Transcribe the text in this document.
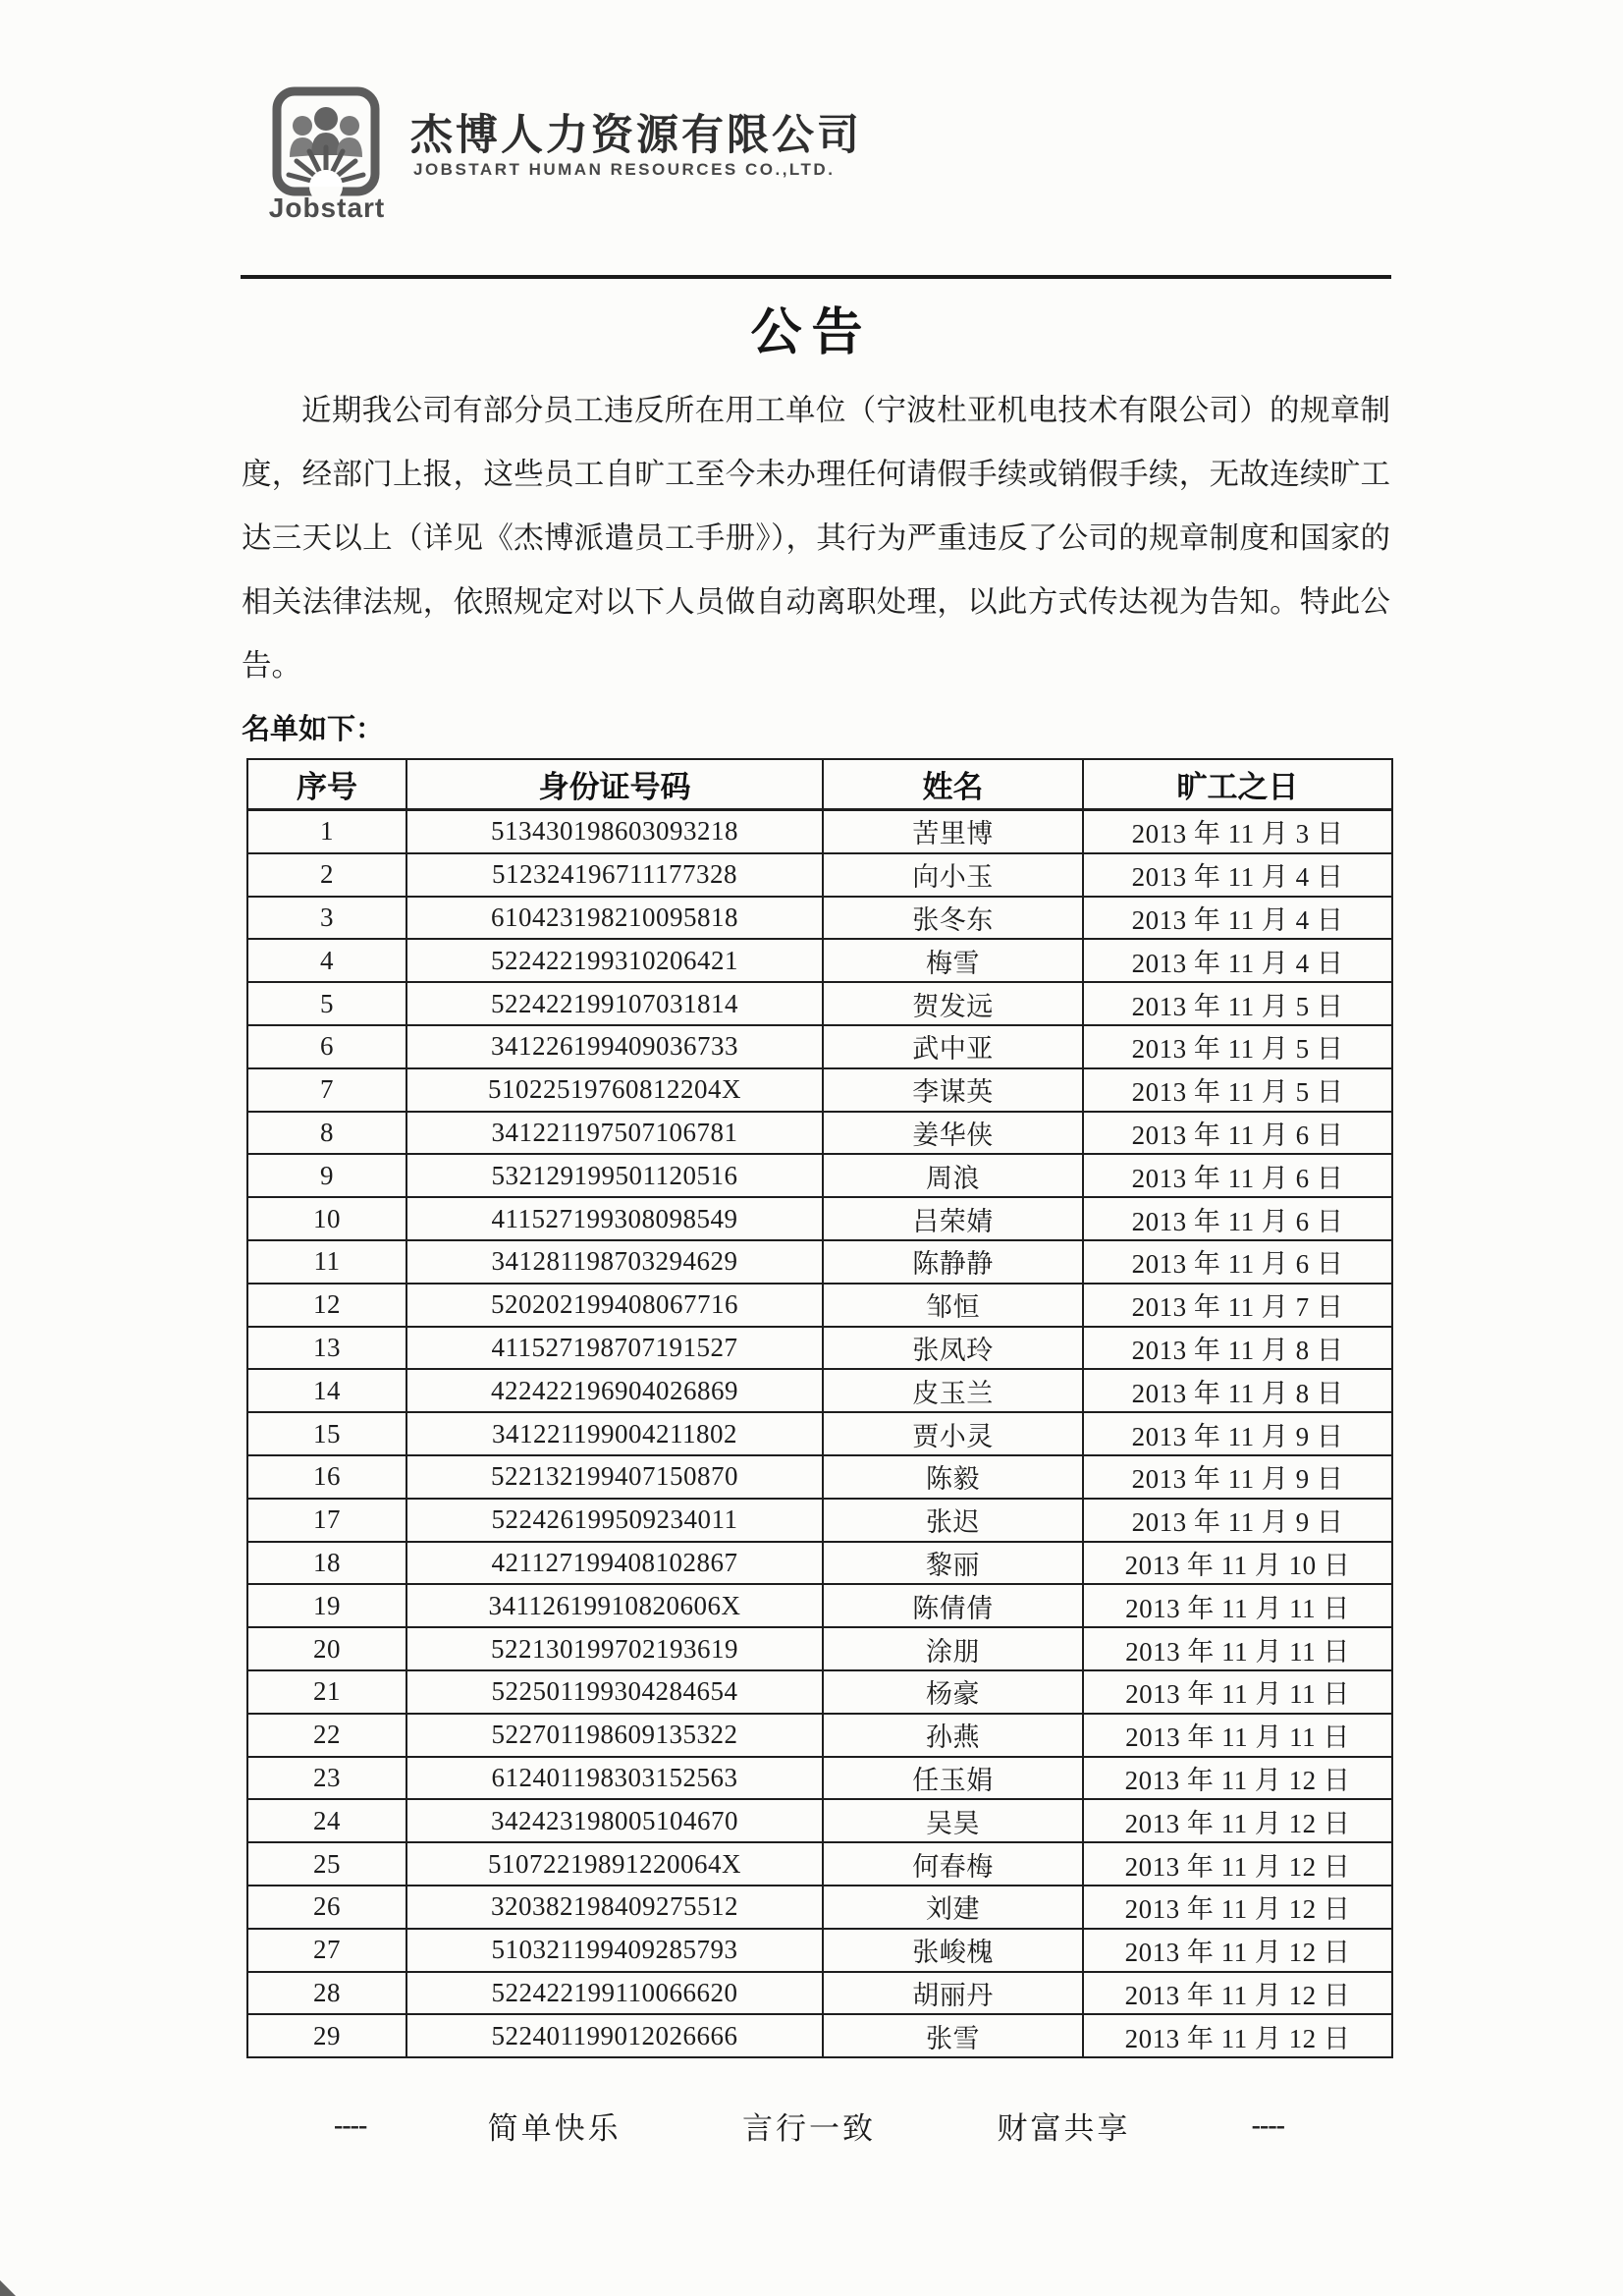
Jobstart
杰博人力资源有限公司
JOBSTART HUMAN RESOURCES CO.,LTD.
公告

近期我公司有部分员工违反所在用工单位（宁波杜亚机电技术有限公司）的规章制度，经部门上报，这些员工自旷工至今未办理任何请假手续或销假手续，无故连续旷工达三天以上（详见《杰博派遣员工手册》），其行为严重违反了公司的规章制度和国家的相关法律法规，依照规定对以下人员做自动离职处理，以此方式传达视为告知。特此公告。

名单如下：
序号	身份证号码	姓名	旷工之日
1	513430198603093218	苦里博	2013 年 11 月 3 日
2	512324196711177328	向小玉	2013 年 11 月 4 日
3	610423198210095818	张冬东	2013 年 11 月 4 日
4	522422199310206421	梅雪	2013 年 11 月 4 日
5	522422199107031814	贺发远	2013 年 11 月 5 日
6	341226199409036733	武中亚	2013 年 11 月 5 日
7	51022519760812204X	李谋英	2013 年 11 月 5 日
8	341221197507106781	姜华侠	2013 年 11 月 6 日
9	532129199501120516	周浪	2013 年 11 月 6 日
10	411527199308098549	吕荣婧	2013 年 11 月 6 日
11	341281198703294629	陈静静	2013 年 11 月 6 日
12	520202199408067716	邹恒	2013 年 11 月 7 日
13	411527198707191527	张凤玲	2013 年 11 月 8 日
14	422422196904026869	皮玉兰	2013 年 11 月 8 日
15	341221199004211802	贾小灵	2013 年 11 月 9 日
16	522132199407150870	陈毅	2013 年 11 月 9 日
17	522426199509234011	张迟	2013 年 11 月 9 日
18	421127199408102867	黎丽	2013 年 11 月 10 日
19	34112619910820606X	陈倩倩	2013 年 11 月 11 日
20	522130199702193619	涂朋	2013 年 11 月 11 日
21	522501199304284654	杨豪	2013 年 11 月 11 日
22	522701198609135322	孙燕	2013 年 11 月 11 日
23	612401198303152563	任玉娟	2013 年 11 月 12 日
24	342423198005104670	吴昊	2013 年 11 月 12 日
25	51072219891220064X	何春梅	2013 年 11 月 12 日
26	320382198409275512	刘建	2013 年 11 月 12 日
27	510321199409285793	张峻槐	2013 年 11 月 12 日
28	522422199110066620	胡丽丹	2013 年 11 月 12 日
29	522401199012026666	张雪	2013 年 11 月 12 日
----	简单快乐	言行一致	财富共享	----
